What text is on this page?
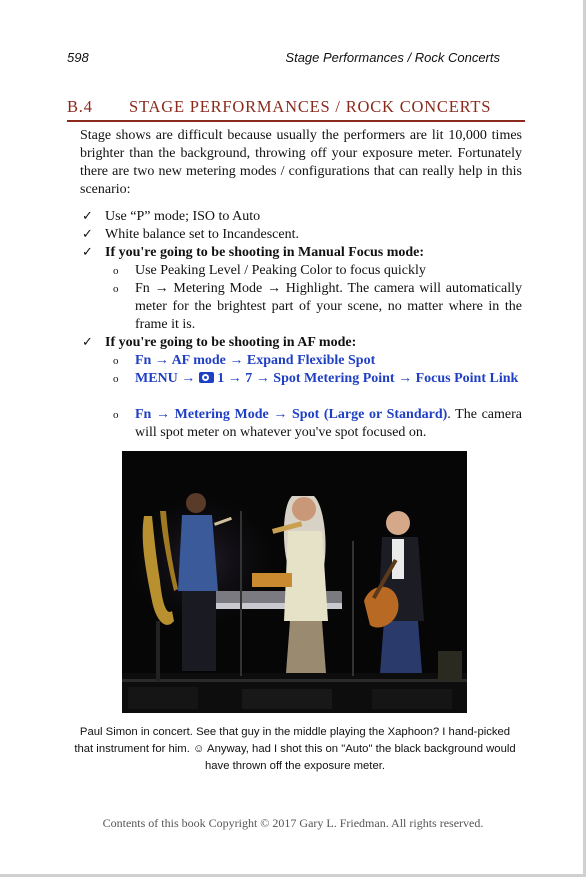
598	Stage Performances / Rock Concerts
B.4 STAGE PERFORMANCES / ROCK CONCERTS
Stage shows are difficult because usually the performers are lit 10,000 times brighter than the background, throwing off your exposure meter. Fortunately there are two new metering modes / configurations that can really help in this scenario:
✓ Use “P” mode; ISO to Auto
✓ White balance set to Incandescent.
✓ If you're going to be shooting in Manual Focus mode:
o Use Peaking Level / Peaking Color to focus quickly
o Fn → Metering Mode → Highlight. The camera will automatically meter for the brightest part of your scene, no matter where in the frame it is.
✓ If you're going to be shooting in AF mode:
o Fn → AF mode → Expand Flexible Spot
o MENU → 1 → 7 → Spot Metering Point → Focus Point Link
o Fn → Metering Mode → Spot (Large or Standard). The camera will spot meter on whatever you've spot focused on.
Paul Simon in concert. See that guy in the middle playing the Xaphoon? I hand-picked that instrument for him. ☺ Anyway, had I shot this on "Auto" the black background would have thrown off the exposure meter.
Contents of this book Copyright © 2017 Gary L. Friedman. All rights reserved.
